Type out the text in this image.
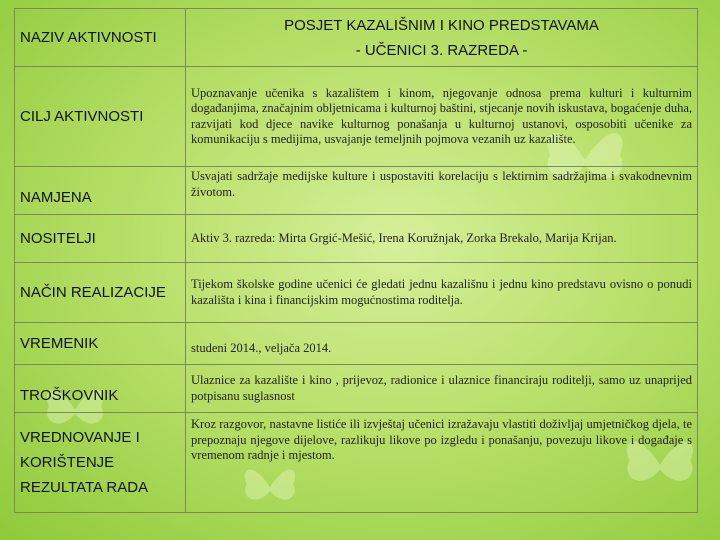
NAZIV AKTIVNOSTI	POSJET KAZALIŠNIM I KINO PREDSTAVAMA
- UČENICI 3. RAZREDA -

CILJ AKTIVNOSTI	Upoznavanje učenika s kazalištem i kinom, njegovanje odnosa prema kulturi i kulturnim događanjima, značajnim obljetnicama i kulturnoj baštini, stjecanje novih iskustava, bogaćenje duha, razvijati kod djece navike kulturnog ponašanja u kulturnoj ustanovi, osposobiti učenike za komunikaciju s medijima, usvajanje temeljnih pojmova vezanih uz kazalište.
NAMJENA	Usvajati sadržaje medijske kulture i uspostaviti korelaciju s lektirnim sadržajima i svakodnevnim životom.
NOSITELJI	Aktiv 3. razreda: Mirta Grgić-Mešić, Irena Koružnjak, Zorka Brekalo, Marija Krijan.
NAČIN REALIZACIJE	Tijekom školske godine učenici će gledati jednu kazališnu i jednu kino predstavu ovisno o ponudi kazališta i kina i financijskim mogućnostima roditelja.
VREMENIK	studeni 2014., veljača 2014.
TROŠKOVNIK	Ulaznice za kazalište i kino , prijevoz, radionice i ulaznice financiraju roditelji, samo uz unaprijed potpisanu suglasnost
VREDNOVANJE I KORIŠTENJE REZULTATA RADA	Kroz razgovor, nastavne listiće ili izvještaj učenici izražavaju vlastiti doživljaj umjetničkog djela, te prepoznaju njegove dijelove, razlikuju likove po izgledu i ponašanju, povezuju likove i događaje s vremenom radnje i mjestom.
